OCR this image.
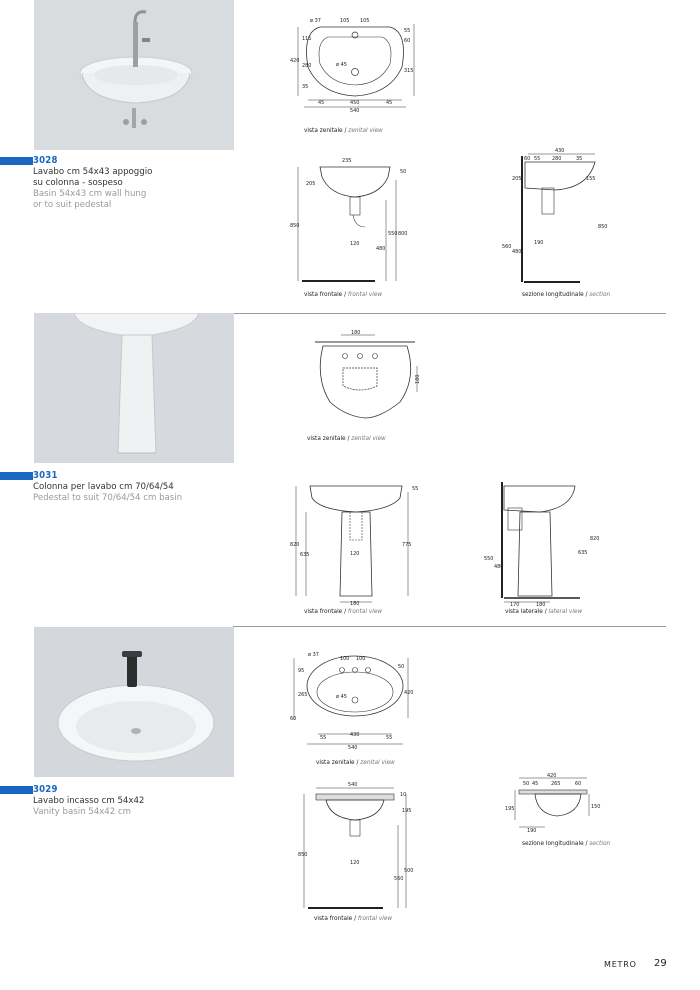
3028
Lavabo cm 54x43 appoggio
su colonna - sospeso
Basin 54x43 cm wall hung
or to suit pedestal
ø 37	105 105
115
280
35
420
ø 45
55
60
315
45	450	45
540
vista zenitale / zenital view
235
205
50
850
480
550 800
120
vista frontale / frontal view
430
60 55 280	35
205	155
190
560
480
850
sezione longitudinale / section
3031
Colonna per lavabo cm 70/64/54
Pedestal to suit 70/64/54 cm basin
180
180
vista zenitale / zenital view
55
820
635
775
120
180
vista frontale / frontal view
550
480
635
820
170	180
vista laterale / lateral view
3029
Lavabo incasso cm 54x42
Vanity basin 54x42 cm
ø 37
100 100
95
265
60
ø 45
50
420
55	430	55
540
vista zenitale / zenital view
540
10
195
850
560
500
120
vista frontale / frontal view
420
50 45 265	60
195	150
190
sezione longitudinale / section
METRO 29
